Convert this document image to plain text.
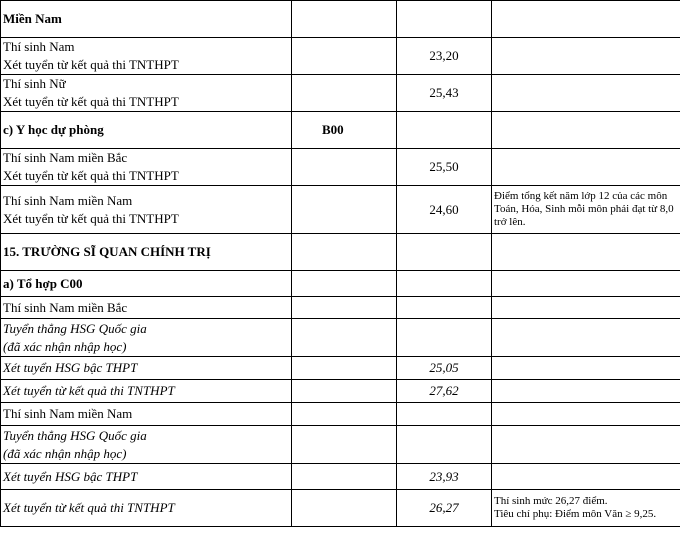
Miền Nam			

Thí sinh Nam
Xét tuyển từ kết quả thi TNTHPT		23,20	

Thí sinh Nữ
Xét tuyển từ kết quả thi TNTHPT		25,43	

c) Y học dự phòng	B00		

Thí sinh Nam miền Bắc
Xét tuyển từ kết quả thi TNTHPT		25,50	

Thí sinh Nam miền Nam
Xét tuyển từ kết quả thi TNTHPT		24,60	Điểm tổng kết năm lớp 12 của các môn
Toán, Hóa, Sinh mỗi môn phải đạt từ 8,0
trở lên.

15. TRƯỜNG SĨ QUAN CHÍNH TRỊ			

a) Tổ hợp C00			

Thí sinh Nam miền Bắc			

Tuyển thẳng HSG Quốc gia
(đã xác nhận nhập học)			

Xét tuyển HSG bậc THPT		25,05	

Xét tuyển từ kết quả thi TNTHPT		27,62	

Thí sinh Nam miền Nam			

Tuyển thẳng HSG Quốc gia
(đã xác nhận nhập học)			

Xét tuyển HSG bậc THPT		23,93	

Xét tuyển từ kết quả thi TNTHPT		26,27	Thí sinh mức 26,27 điểm.
Tiêu chí phụ: Điểm môn Văn ≥ 9,25.
